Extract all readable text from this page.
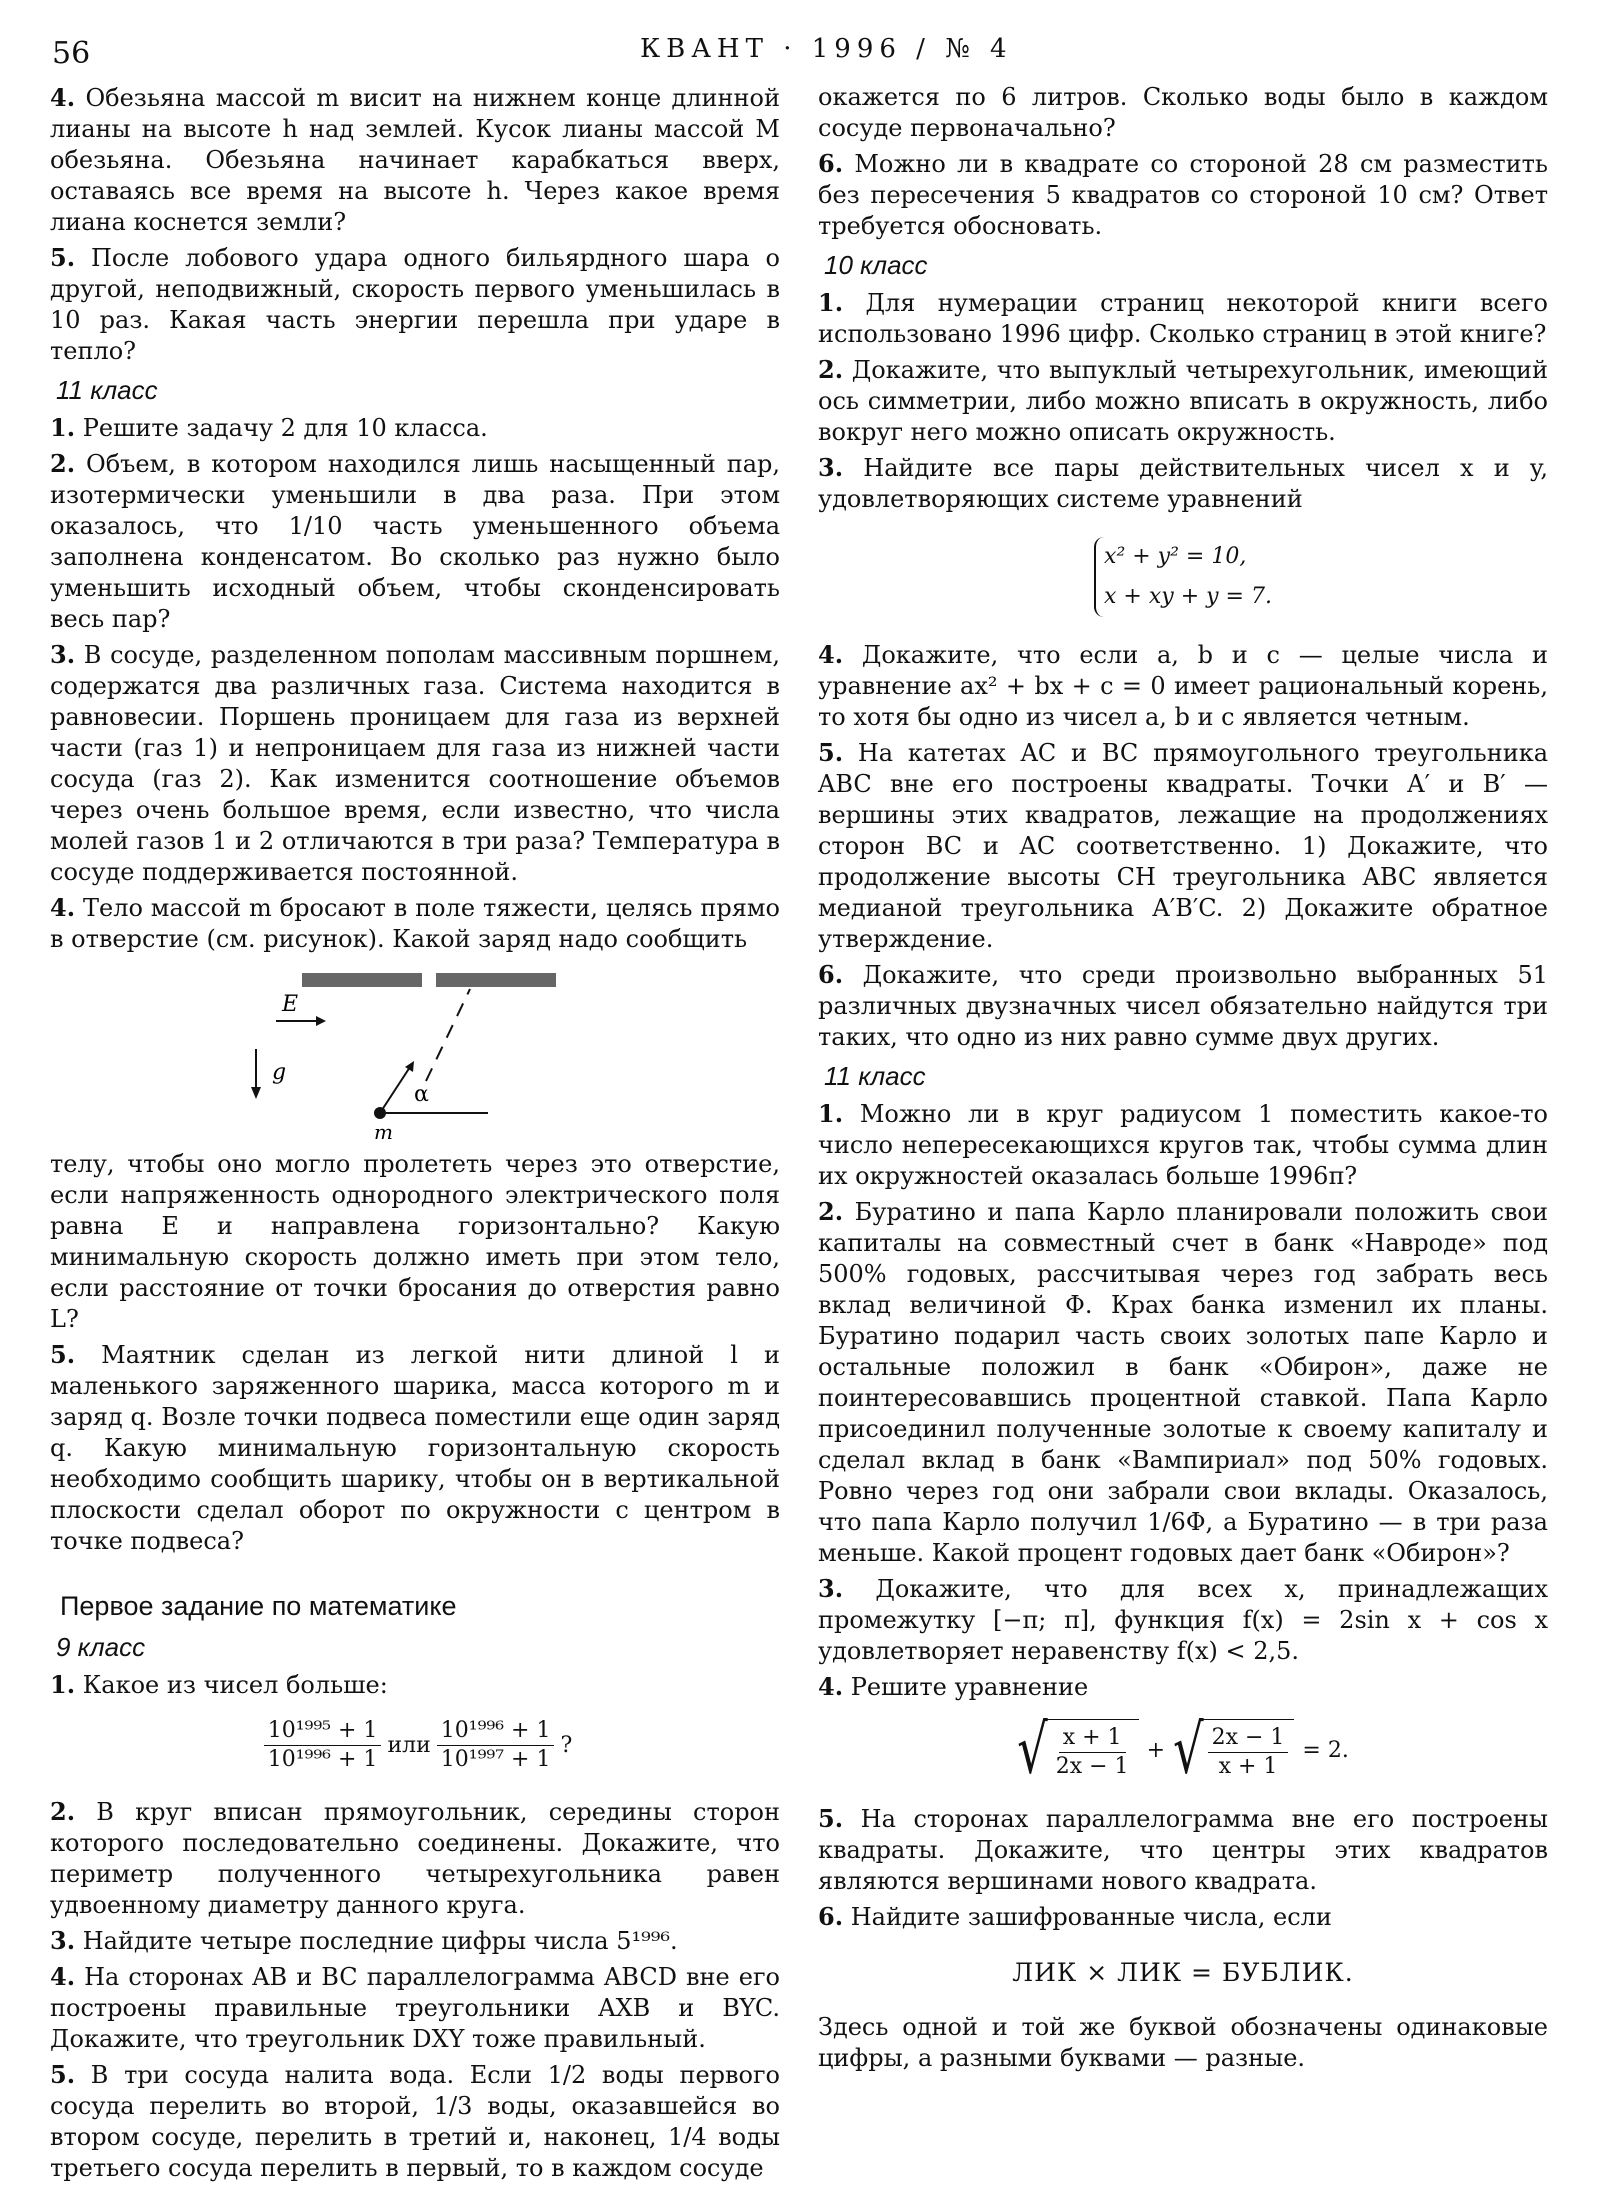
56	КВАНТ · 1996 / № 4

4. Обезьяна массой m висит на нижнем конце длинной лианы на высоте h над землей. Кусок лианы массой M обезьяна. Обезьяна начинает карабкаться вверх, оставаясь все время на высоте h. Через какое время лиана коснется земли?

5. После лобового удара одного бильярдного шара о другой, неподвижный, скорость первого уменьшилась в 10 раз. Какая часть энергии перешла при ударе в тепло?

11 класс

1. Решите задачу 2 для 10 класса.

2. Объем, в котором находился лишь насыщенный пар, изотермически уменьшили в два раза. При этом оказалось, что 1/10 часть уменьшенного объема заполнена конденсатом. Во сколько раз нужно было уменьшить исходный объем, чтобы сконденсировать весь пар?

3. В сосуде, разделенном пополам массивным поршнем, содержатся два различных газа. Система находится в равновесии. Поршень проницаем для газа из верхней части (газ 1) и непроницаем для газа из нижней части сосуда (газ 2). Как изменится соотношение объемов через очень большое время, если известно, что числа молей газов 1 и 2 отличаются в три раза? Температура в сосуде поддерживается постоянной.

4. Тело массой m бросают в поле тяжести, целясь прямо в отверстие (см. рисунок). Какой заряд надо сообщить

E
g
α
m

телу, чтобы оно могло пролететь через это отверстие, если напряженность однородного электрического поля равна E и направлена горизонтально? Какую минимальную скорость должно иметь при этом тело, если расстояние от точки бросания до отверстия равно L?

5. Маятник сделан из легкой нити длиной l и маленького заряженного шарика, масса которого m и заряд q. Возле точки подвеса поместили еще один заряд q. Какую минимальную горизонтальную скорость необходимо сообщить шарику, чтобы он в вертикальной плоскости сделал оборот по окружности с центром в точке подвеса?

Первое задание по математике
9 класс

1. Какое из чисел больше:

$\frac{\text{10¹⁹⁹⁵ + 1}}{\text{10¹⁹⁹⁶ + 1}}$ или $\frac{\text{10¹⁹⁹⁶ + 1}}{\text{10¹⁹⁹⁷ + 1}}$ ?

2. В круг вписан прямоугольник, середины сторон которого последовательно соединены. Докажите, что периметр полученного четырехугольника равен удвоенному диаметру данного круга.

3. Найдите четыре последние цифры числа 5¹⁹⁹⁶.

4. На сторонах AB и BC параллелограмма ABCD вне его построены правильные треугольники AXB и BYC. Докажите, что треугольник DXY тоже правильный.

5. В три сосуда налита вода. Если 1/2 воды первого сосуда перелить во второй, 1/3 воды, оказавшейся во втором сосуде, перелить в третий и, наконец, 1/4 воды третьего сосуда перелить в первый, то в каждом сосуде

окажется по 6 литров. Сколько воды было в каждом сосуде первоначально?

6. Можно ли в квадрате со стороной 28 см разместить без пересечения 5 квадратов со стороной 10 см? Ответ требуется обосновать.

10 класс

1. Для нумерации страниц некоторой книги всего использовано 1996 цифр. Сколько страниц в этой книге?

2. Докажите, что выпуклый четырехугольник, имеющий ось симметрии, либо можно вписать в окружность, либо вокруг него можно описать окружность.

3. Найдите все пары действительных чисел x и y, удовлетворяющих системе уравнений

x² + y² = 10,
x + xy + y = 7.

4. Докажите, что если a, b и c — целые числа и уравнение ax² + bx + c = 0 имеет рациональный корень, то хотя бы одно из чисел a, b и c является четным.

5. На катетах AC и BC прямоугольного треугольника ABC вне его построены квадраты. Точки A′ и B′ — вершины этих квадратов, лежащие на продолжениях сторон BC и AC соответственно. 1) Докажите, что продолжение высоты CH треугольника ABC является медианой треугольника A′B′C. 2) Докажите обратное утверждение.

6. Докажите, что среди произвольно выбранных 51 различных двузначных чисел обязательно найдутся три таких, что одно из них равно сумме двух других.

11 класс

1. Можно ли в круг радиусом 1 поместить какое-то число непересекающихся кругов так, чтобы сумма длин их окружностей оказалась больше 1996π?

2. Буратино и папа Карло планировали положить свои капиталы на совместный счет в банк «Навроде» под 500% годовых, рассчитывая через год забрать весь вклад величиной Φ. Крах банка изменил их планы. Буратино подарил часть своих золотых папе Карло и остальные положил в банк «Обирон», даже не поинтересовавшись процентной ставкой. Папа Карло присоединил полученные золотые к своему капиталу и сделал вклад в банк «Вампириал» под 50% годовых. Ровно через год они забрали свои вклады. Оказалось, что папа Карло получил 1/6Φ, а Буратино — в три раза меньше. Какой процент годовых дает банк «Обирон»?

3. Докажите, что для всех x, принадлежащих промежутку [−π; π], функция f(x) = 2sin x + cos x удовлетворяет неравенству f(x) < 2,5.

4. Решите уравнение

√ $\frac{x + 1}{2x - 1}$ + √ $\frac{2x - 1}{x + 1} = 2$.

5. На сторонах параллелограмма вне его построены квадраты. Докажите, что центры этих квадратов являются вершинами нового квадрата.

6. Найдите зашифрованные числа, если

ЛИК × ЛИК = БУБЛИК.

Здесь одной и той же буквой обозначены одинаковые цифры, а разными буквами — разные.
